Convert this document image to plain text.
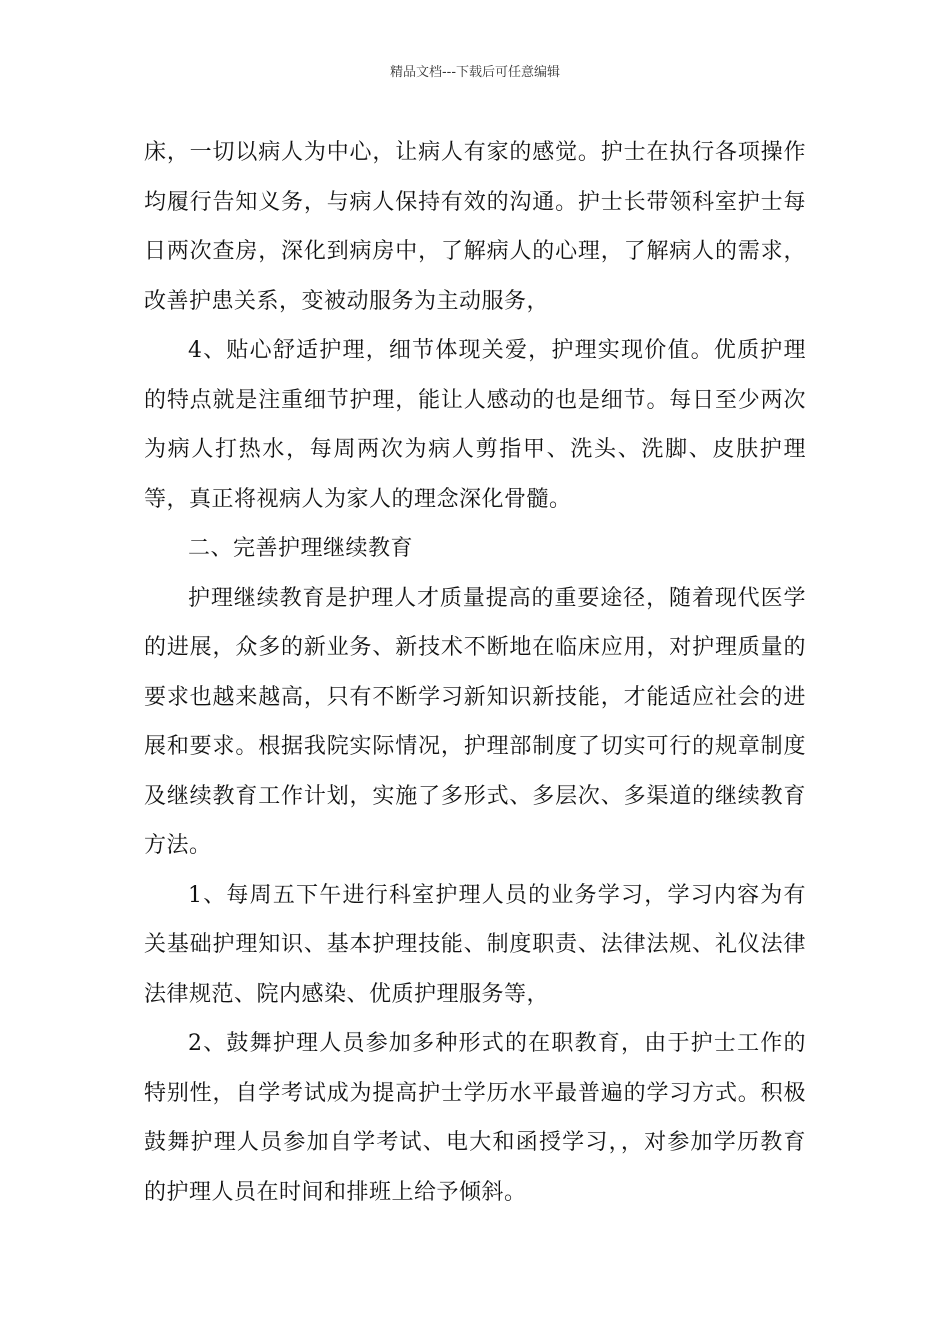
精品文档---下载后可任意编辑

床，一切以病人为中心，让病人有家的感觉。护士在执行各项操作均履行告知义务，与病人保持有效的沟通。护士长带领科室护士每日两次查房，深化到病房中，了解病人的心理，了解病人的需求，改善护患关系，变被动服务为主动服务，

4、贴心舒适护理，细节体现关爱，护理实现价值。优质护理的特点就是注重细节护理，能让人感动的也是细节。每日至少两次为病人打热水，每周两次为病人剪指甲、洗头、洗脚、皮肤护理等，真正将视病人为家人的理念深化骨髓。

二、完善护理继续教育

护理继续教育是护理人才质量提高的重要途径，随着现代医学的进展，众多的新业务、新技术不断地在临床应用，对护理质量的要求也越来越高，只有不断学习新知识新技能，才能适应社会的进展和要求。根据我院实际情况，护理部制度了切实可行的规章制度及继续教育工作计划，实施了多形式、多层次、多渠道的继续教育方法。

1、每周五下午进行科室护理人员的业务学习，学习内容为有关基础护理知识、基本护理技能、制度职责、法律法规、礼仪法律法律规范、院内感染、优质护理服务等，

2、鼓舞护理人员参加多种形式的在职教育，由于护士工作的特别性，自学考试成为提高护士学历水平最普遍的学习方式。积极鼓舞护理人员参加自学考试、电大和函授学习，，对参加学历教育的护理人员在时间和排班上给予倾斜。
